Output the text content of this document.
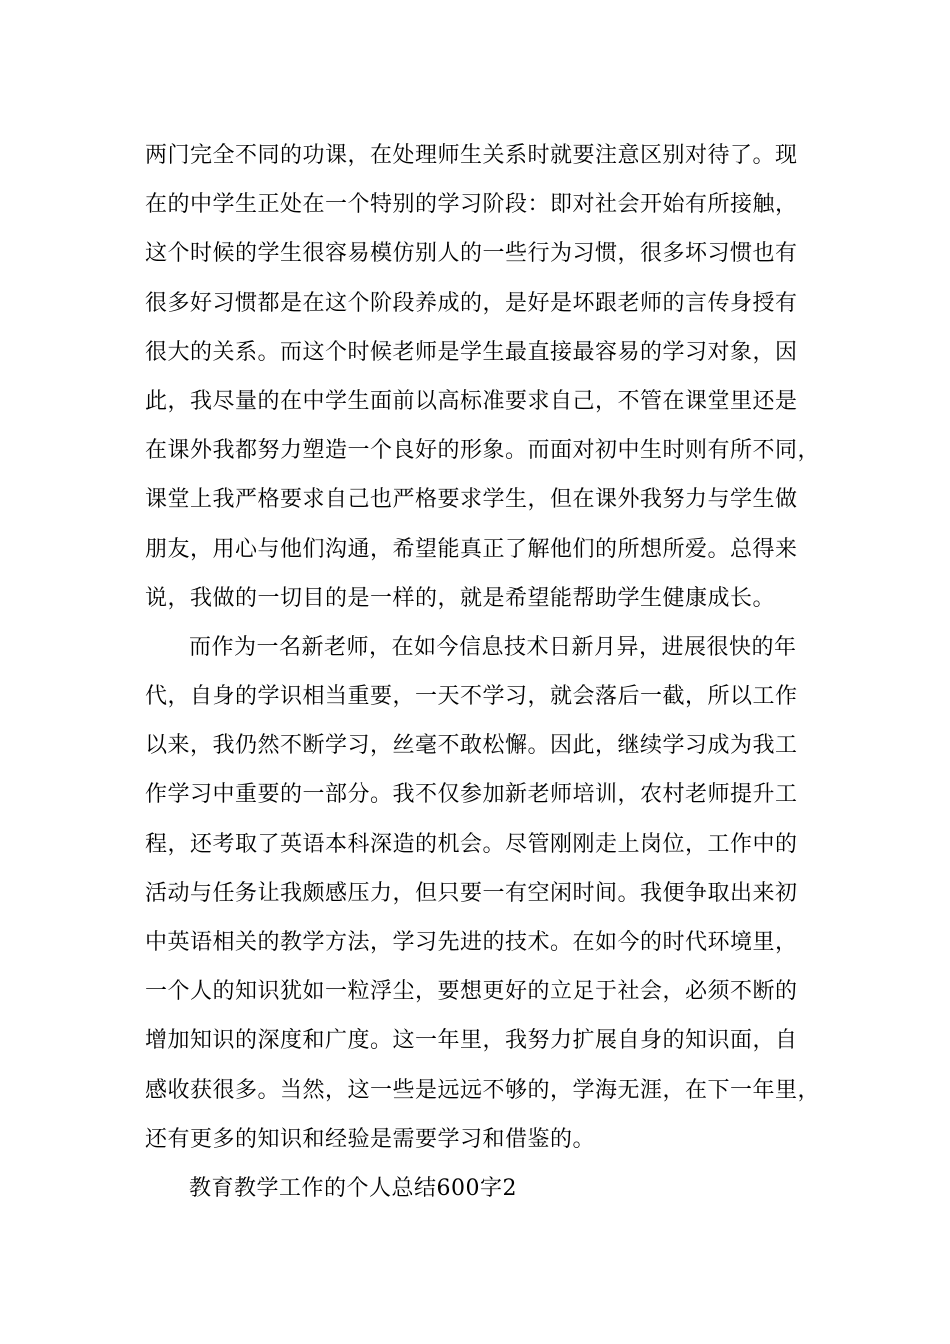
两门完全不同的功课，在处理师生关系时就要注意区别对待了。现
在的中学生正处在一个特别的学习阶段：即对社会开始有所接触，
这个时候的学生很容易模仿别人的一些行为习惯，很多坏习惯也有
很多好习惯都是在这个阶段养成的，是好是坏跟老师的言传身授有
很大的关系。而这个时候老师是学生最直接最容易的学习对象，因
此，我尽量的在中学生面前以高标准要求自己，不管在课堂里还是
在课外我都努力塑造一个良好的形象。而面对初中生时则有所不同，
课堂上我严格要求自己也严格要求学生，但在课外我努力与学生做
朋友，用心与他们沟通，希望能真正了解他们的所想所爱。总得来
说，我做的一切目的是一样的，就是希望能帮助学生健康成长。
而作为一名新老师，在如今信息技术日新月异，进展很快的年
代，自身的学识相当重要，一天不学习，就会落后一截，所以工作
以来，我仍然不断学习，丝毫不敢松懈。因此，继续学习成为我工
作学习中重要的一部分。我不仅参加新老师培训，农村老师提升工
程，还考取了英语本科深造的机会。尽管刚刚走上岗位，工作中的
活动与任务让我颇感压力，但只要一有空闲时间。我便争取出来初
中英语相关的教学方法，学习先进的技术。在如今的时代环境里，
一个人的知识犹如一粒浮尘，要想更好的立足于社会，必须不断的
增加知识的深度和广度。这一年里，我努力扩展自身的知识面，自
感收获很多。当然，这一些是远远不够的，学海无涯，在下一年里，
还有更多的知识和经验是需要学习和借鉴的。
教育教学工作的个人总结600字2
